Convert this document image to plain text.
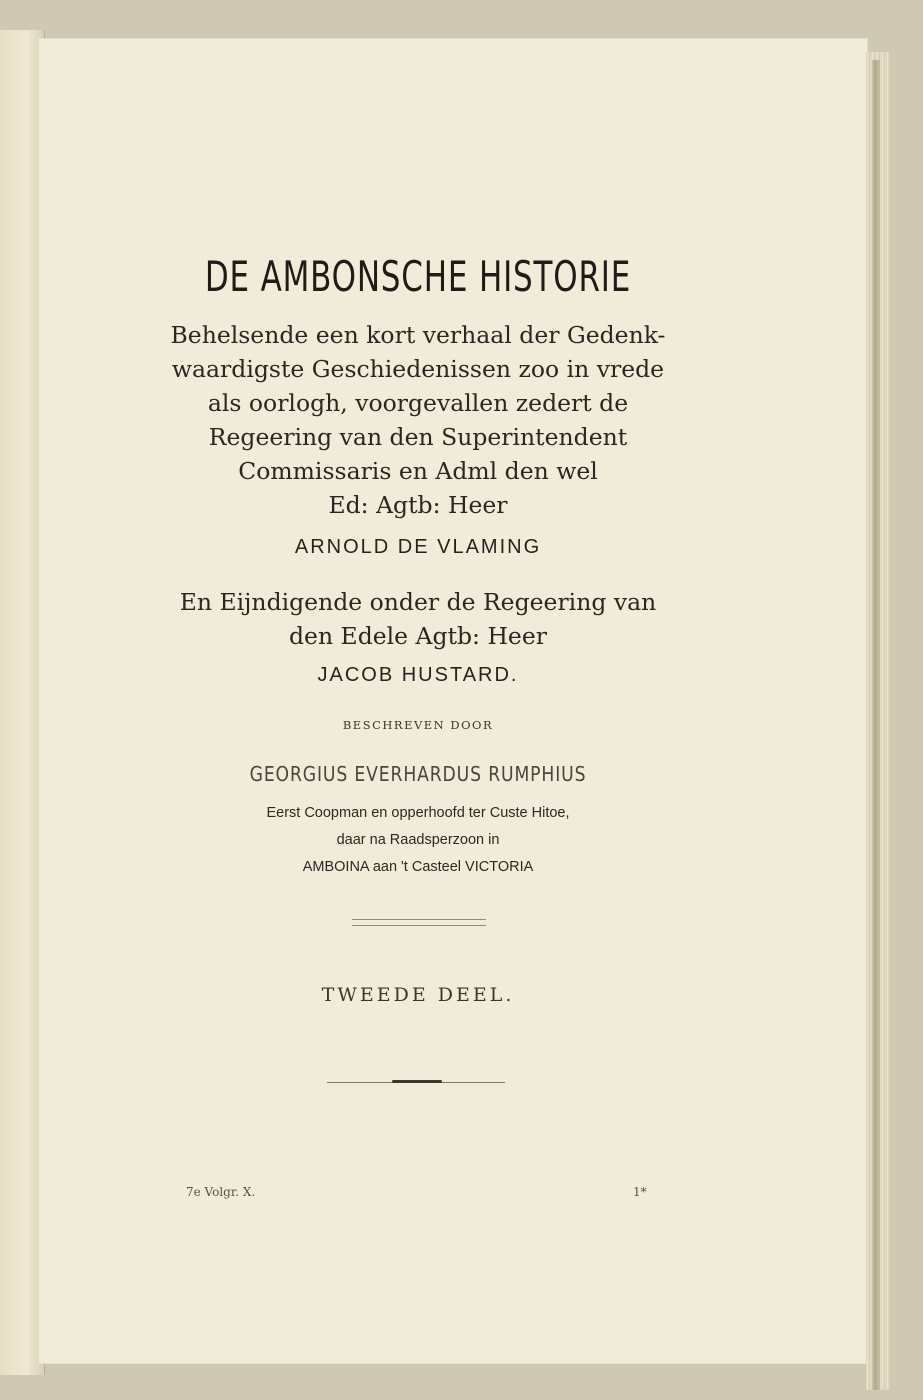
DE AMBONSCHE HISTORIE
Behelsende een kort verhaal der Gedenk-
waardigste Geschiedenissen zoo in vrede
als oorlogh, voorgevallen zedert de
Regeering van den Superintendent
Commissaris en Adml den wel
Ed: Agtb: Heer
ARNOLD DE VLAMING
En Eijndigende onder de Regeering van
den Edele Agtb: Heer
JACOB HUSTARD.
BESCHREVEN DOOR
GEORGIUS EVERHARDUS RUMPHIUS
Eerst Coopman en opperhoofd ter Custe Hitoe,
daar na Raadsperzoon in
AMBOINA aan 't Casteel VICTORIA
TWEEDE DEEL.
7e Volgr. X.	1*
